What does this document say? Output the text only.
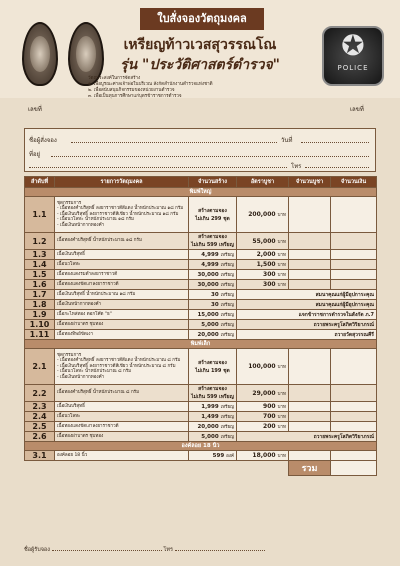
✪
POLICE
ใบสั่งจองวัตถุมงคล
เหรียญท้าวเวสสุวรรณโณ
รุ่น "ประวัติศาสตร์ตำรวจ"
วัตถุประสงค์ในการจัดสร้าง
๑. เพื่อบูรณะศาลเจ้าพ่อในบริเวณ สังกัดสำนักงานตำรวจแห่งชาติ
๒. เพื่อสนับสนุนกิจกรรมของหน่วยงานตำรวจ
๓. เพื่อเป็นทุนการศึกษาแก่บุตรข้าราชการตำรวจ
เลขที่	เลขที่
ชื่อผู้สั่งจอง	วันที่
ที่อยู่
โทร
ลำดับที่	รายการวัตถุมงคล	จำนวนสร้าง	อัตราบูชา	จำนวนบูชา	จำนวนเงิน
พิมพ์ใหญ่					
1.1	ชุดกรรมการ
- เนื้อทองคำบริสุทธิ์ ลงยาราชาวดีสีแดง น้ำหนักประมาณ ๑๘ กรัม
- เนื้อเงินบริสุทธิ์ ลงยาราชาวดีสีเขียว น้ำหนักประมาณ ๑๘ กรัม
- เนื้อนวโลหะ น้ำหนักประมาณ ๑๘ กรัม
- เนื้อเงินหน้ากากทองคำ	สร้างตามจอง
ไม่เกิน 299 ชุด	200,000 บาท		
1.2	เนื้อทองคำบริสุทธิ์ น้ำหนักประมาณ ๑๘ กรัม	สร้างตามจอง
ไม่เกิน 599 เหรียญ	55,000 บาท		
1.3	เนื้อเงินบริสุทธิ์	4,999 เหรียญ	2,000 บาท		
1.4	เนื้อนวโลหะ	4,999 เหรียญ	1,500 บาท		
1.5	เนื้อทองแดงรมดำลงยาราชาวดี	30,000 เหรียญ	300 บาท		
1.6	เนื้อทองแดงขัดเงาลงยาราชาวดี	30,000 เหรียญ	300 บาท		
1.7	เนื้อเงินบริสุทธิ์ น้ำหนักประมาณ ๑๘ กรัม	30 เหรียญ	สมนาคุณแก่ผู้มีอุปการะคุณ		
1.8	เนื้อเงินหน้ากากทองคำ	30 เหรียญ	สมนาคุณแก่ผู้มีอุปการะคุณ		
1.9	เนื้อกะไหล่ทอง ตอกโค๊ต "ธ"	15,000 เหรียญ	แจกข้าราชการตำรวจในสังกัด ภ.7		
1.10	เนื้อทองฝาบาตร ชุบทอง	5,000 เหรียญ	ถวายพระครูโสภิตวิริยาภรณ์		
1.11	เนื้อทองทิพย์ขัดเงา	20,000 เหรียญ	ถวายวัดสุวรรณคีรี		
พิมพ์เล็ก					
2.1	ชุดกรรมการ
- เนื้อทองคำบริสุทธิ์ ลงยาราชาวดีสีแดง น้ำหนักประมาณ ๘ กรัม
- เนื้อเงินบริสุทธิ์ ลงยาราชาวดีสีเขียว น้ำหนักประมาณ ๘ กรัม
- เนื้อนวโลหะ น้ำหนักประมาณ ๘ กรัม
- เนื้อเงินหน้ากากทองคำ	สร้างตามจอง
ไม่เกิน 199 ชุด	100,000 บาท		
2.2	เนื้อทองคำบริสุทธิ์ น้ำหนักประมาณ ๘ กรัม	สร้างตามจอง
ไม่เกิน 599 เหรียญ	29,000 บาท		
2.3	เนื้อเงินบริสุทธิ์	1,999 เหรียญ	900 บาท		
2.4	เนื้อนวโลหะ	1,499 เหรียญ	700 บาท		
2.5	เนื้อทองแดงขัดเงาลงยาราชาวดี	20,000 เหรียญ	200 บาท		
2.6	เนื้อทองฝาบาตร ชุบทอง	5,000 เหรียญ	ถวายพระครูโสภิตวิริยาภรณ์		
องค์ลอย 18 นิ้ว					
3.1	องค์ลอย 18 นิ้ว	599 องค์	18,000 บาท		
				รวม	
ชื่อผู้รับจอง	โทร
